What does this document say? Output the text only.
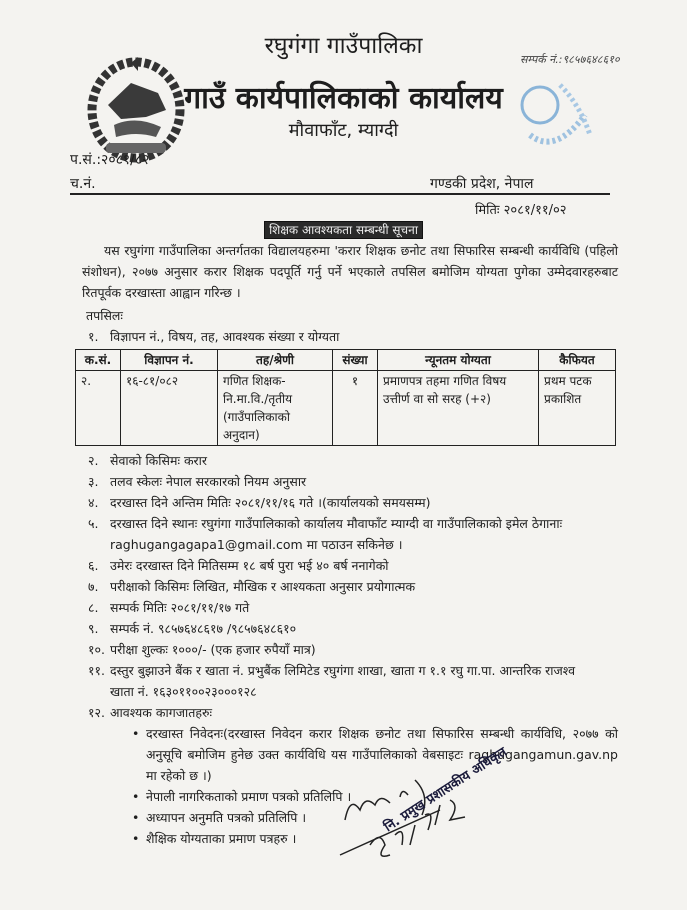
रघुगंगा गाउँपालिका
गाउँ कार्यपालिकाको कार्यालय
मौवाफाँट, म्याग्दी
सम्पर्क नं.:९८५७६४८६१०
प.सं.:२०८१/८२
च.नं.	गण्डकी प्रदेश, नेपाल
मितिः २०८१/११/०२
शिक्षक आवश्यकता सम्बन्धी सूचना
यस रघुगंगा गाउँपालिका अन्तर्गतका विद्यालयहरुमा 'करार शिक्षक छनोट तथा सिफारिस सम्बन्धी कार्यविधि (पहिलो संशोधन), २०७७ अनुसार करार शिक्षक पदपूर्ति गर्नु पर्ने भएकाले तपसिल बमोजिम योग्यता पुगेका उम्मेदवारहरुबाट रितपूर्वक दरखास्ता आह्वान गरिन्छ ।
तपसिलः
१. विज्ञापन नं., विषय, तह, आवश्यक संख्या र योग्यता
क.सं.	विज्ञापन नं.	तह/श्रेणी	संख्या	न्यूनतम योग्यता	कैफियत
२.	१६-८१/०८२	गणित शिक्षक-नि.मा.वि./तृतीय (गाउँपालिकाको अनुदान)	१	प्रमाणपत्र तहमा गणित विषय उत्तीर्ण वा सो सरह (+२)	प्रथम पटक प्रकाशित
२. सेवाको किसिमः करार
३. तलव स्केलः नेपाल सरकारको नियम अनुसार
४. दरखास्त दिने अन्तिम मितिः २०८१/११/१६ गते ।(कार्यालयको समयसम्म)
५. दरखास्त दिने स्थानः रघुगंगा गाउँपालिकाको कार्यालय मौवाफाँट म्याग्दी वा गाउँपालिकाको इमेल ठेगानाः
raghugangagapa1@gmail.com मा पठाउन सकिनेछ ।
६. उमेरः दरखास्त दिने मितिसम्म १८ बर्ष पुरा भई ४० बर्ष ननागेको
७. परीक्षाको किसिमः लिखित, मौखिक र आश्यकता अनुसार प्रयोगात्मक
८. सम्पर्क मितिः २०८१/११/१७ गते
९. सम्पर्क नं. ९८५७६४८६१७ /९८५७६४८६१०
१०. परीक्षा शुल्कः १०००/- (एक हजार रुपैयाँ मात्र)
११. दस्तुर बुझाउने बैंक र खाता नं. प्रभुबैंक लिमिटेड रघुगंगा शाखा, खाता ग १.१ रघु गा.पा. आन्तरिक राजश्व
खाता नं. १६३०११००२३०००१२८
१२. आवश्यक कागजातहरुः
• दरखास्त निवेदनः(दरखास्त निवेदन करार शिक्षक छनोट तथा सिफारिस सम्बन्धी कार्यविधि, २०७७ को अनुसूचि बमोजिम हुनेछ उक्त कार्यविधि यस गाउँपालिकाको वेबसाइटः raghugangamun.gav.np मा रहेको छ ।)
• नेपाली नागरिकताको प्रमाण पत्रको प्रतिलिपि ।
• अध्यापन अनुमति पत्रको प्रतिलिपि ।
• शैक्षिक योग्यताका प्रमाण पत्रहरु ।
नि. प्रमुख प्रशासकीय अधिकृत
